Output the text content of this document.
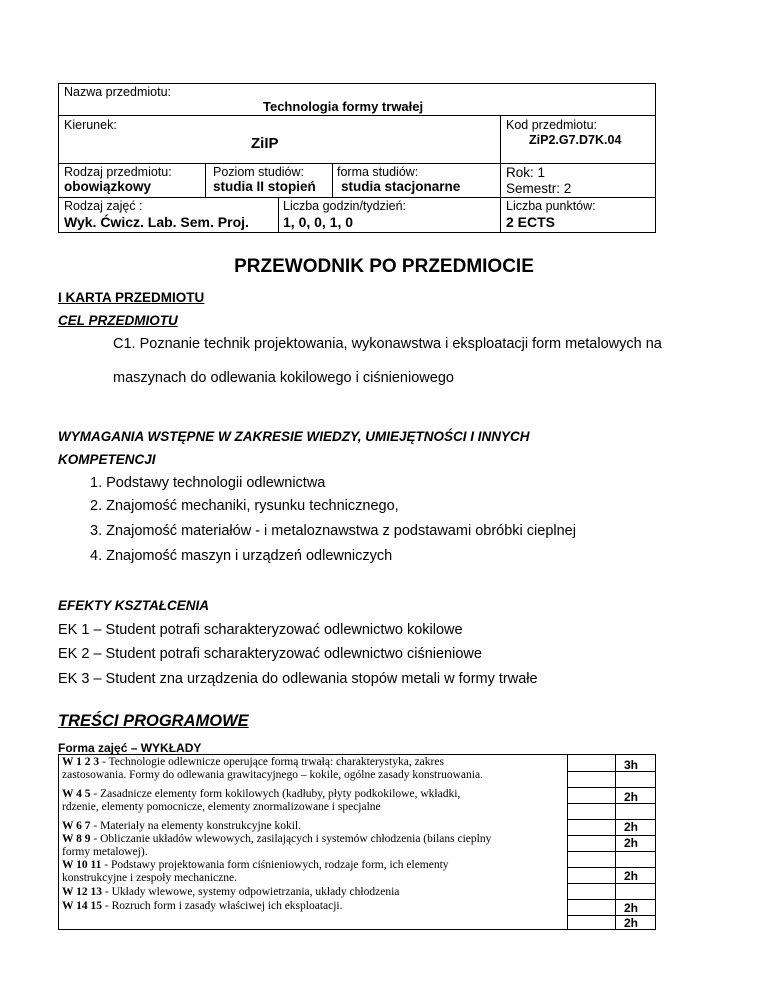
Nazwa przedmiotu:
Technologia formy trwałej
Kierunek:
ZiIP
Kod przedmiotu:
ZiP2.G7.D7K.04
Rodzaj przedmiotu:
obowiązkowy
Poziom studiów:
studia II stopień
forma studiów:
studia stacjonarne
Rok: 1
Semestr: 2
Rodzaj zajęć :
Wyk. Ćwicz. Lab. Sem. Proj.
Liczba godzin/tydzień:
1, 0, 0, 1, 0
Liczba punktów:
2 ECTS
PRZEWODNIK PO PRZEDMIOCIE
I KARTA PRZEDMIOTU
CEL PRZEDMIOTU
C1. Poznanie technik projektowania, wykonawstwa i eksploatacji form metalowych na
maszynach do odlewania kokilowego i ciśnieniowego
WYMAGANIA WSTĘPNE W ZAKRESIE WIEDZY, UMIEJĘTNOŚCI I INNYCH
KOMPETENCJI
1. Podstawy technologii odlewnictwa
2. Znajomość mechaniki, rysunku technicznego,
3. Znajomość materiałów - i metaloznawstwa z podstawami obróbki cieplnej
4. Znajomość maszyn i urządzeń odlewniczych
EFEKTY KSZTAŁCENIA
EK 1 – Student potrafi scharakteryzować odlewnictwo kokilowe
EK 2 – Student potrafi scharakteryzować odlewnictwo ciśnieniowe
EK 3 – Student zna urządzenia do odlewania stopów metali w formy trwałe
TREŚCI PROGRAMOWE
Forma zajęć – WYKŁADY
W 1 2 3 - Technologie odlewnicze operujące formą trwałą: charakterystyka, zakres
zastosowania. Formy do odlewania grawitacyjnego – kokile, ogólne zasady konstruowania.
3h
W 4 5 - Zasadnicze elementy form kokilowych (kadłuby, płyty podkokilowe, wkładki,
rdzenie, elementy pomocnicze, elementy znormalizowane i specjalne
2h
W 6 7 - Materiały na elementy konstrukcyjne kokil.	2h
W 8 9 - Obliczanie układów wlewowych, zasilających i systemów chłodzenia (bilans cieplny
formy metalowej).
2h
W 10 11 - Podstawy projektowania form ciśnieniowych, rodzaje form, ich elementy
konstrukcyjne i zespoły mechaniczne.	2h
W 12 13 - Układy wlewowe, systemy odpowietrzania, układy chłodzenia
2h
W 14 15 - Rozruch form i zasady właściwej ich eksploatacji.
2h
